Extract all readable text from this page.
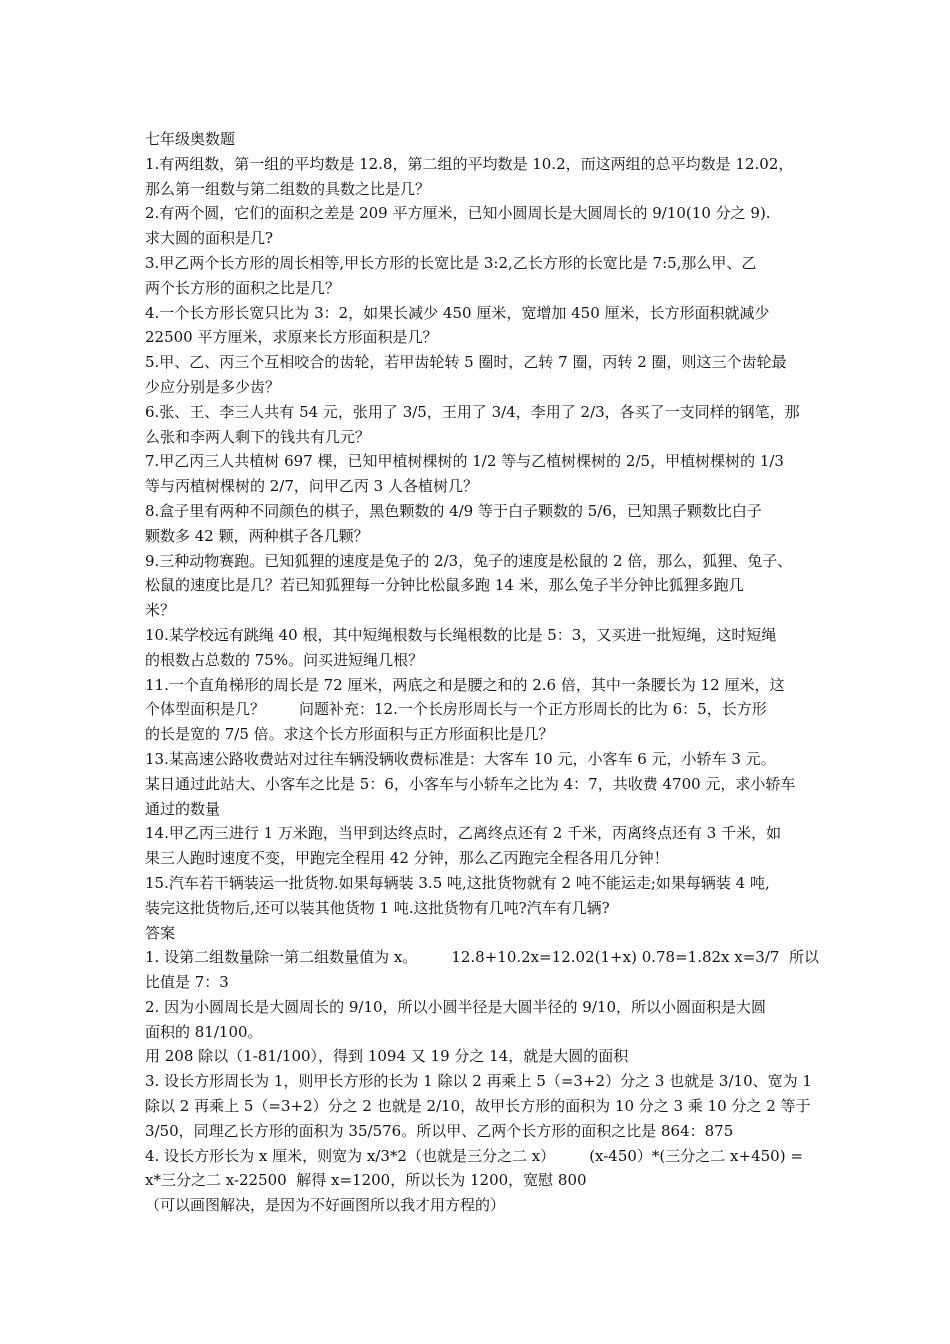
七年级奥数题
1.有两组数，第一组的平均数是 12.8，第二组的平均数是 10.2，而这两组的总平均数是 12.02，
那么第一组数与第二组数的具数之比是几？
2.有两个圆，它们的面积之差是 209 平方厘米，已知小圆周长是大圆周长的 9/10(10 分之 9).
求大圆的面积是几?
3.甲乙两个长方形的周长相等,甲长方形的长宽比是 3:2,乙长方形的长宽比是 7:5,那么甲、乙
两个长方形的面积之比是几？
4.一个长方形长宽只比为 3：2，如果长减少 450 厘米，宽增加 450 厘米，长方形面积就减少
22500 平方厘米，求原来长方形面积是几？
5.甲、乙、丙三个互相咬合的齿轮，若甲齿轮转 5 圈时，乙转 7 圈，丙转 2 圈，则这三个齿轮最
少应分别是多少齿？
6.张、王、李三人共有 54 元，张用了 3/5，王用了 3/4，李用了 2/3，各买了一支同样的钢笔，那
么张和李两人剩下的钱共有几元？
7.甲乙丙三人共植树 697 棵，已知甲植树棵树的 1/2 等与乙植树棵树的 2/5，甲植树棵树的 1/3
等与丙植树棵树的 2/7，问甲乙丙 3 人各植树几？
8.盒子里有两种不同颜色的棋子，黑色颗数的 4/9 等于白子颗数的 5/6，已知黑子颗数比白子
颗数多 42 颗，两种棋子各几颗？
9.三种动物赛跑。已知狐狸的速度是兔子的 2/3，兔子的速度是松鼠的 2 倍，那么，狐狸、兔子、
松鼠的速度比是几？若已知狐狸每一分钟比松鼠多跑 14 米，那么兔子半分钟比狐狸多跑几
米？
10.某学校远有跳绳 40 根，其中短绳根数与长绳根数的比是 5：3，又买进一批短绳，这时短绳
的根数占总数的 75%。问买进短绳几根？
11.一个直角梯形的周长是 72 厘米，两底之和是腰之和的 2.6 倍，其中一条腰长为 12 厘米，这
个体型面积是几？ 问题补充：12.一个长房形周长与一个正方形周长的比为 6：5，长方形
的长是宽的 7/5 倍。求这个长方形面积与正方形面积比是几？
13.某高速公路收费站对过往车辆没辆收费标准是：大客车 10 元，小客车 6 元，小轿车 3 元。
某日通过此站大、小客车之比是 5：6，小客车与小轿车之比为 4：7，共收费 4700 元，求小轿车
通过的数量
14.甲乙丙三进行 1 万米跑，当甲到达终点时，乙离终点还有 2 千米，丙离终点还有 3 千米，如
果三人跑时速度不变，甲跑完全程用 42 分钟，那么乙丙跑完全程各用几分钟！
15.汽车若干辆装运一批货物.如果每辆装 3.5 吨,这批货物就有 2 吨不能运走;如果每辆装 4 吨,
装完这批货物后,还可以装其他货物 1 吨.这批货物有几吨?汽车有几辆?
答案
1. 设第二组数量除一第二组数量值为 x。 12.8+10.2x=12.02(1+x) 0.78=1.82x x=3/7  所以
比值是 7：3
2. 因为小圆周长是大圆周长的 9/10，所以小圆半径是大圆半径的 9/10，所以小圆面积是大圆
面积的 81/100。
用 208 除以（1-81/100），得到 1094 又 19 分之 14，就是大圆的面积
3. 设长方形周长为 1，则甲长方形的长为 1 除以 2 再乘上 5（=3+2）分之 3 也就是 3/10、宽为 1
除以 2 再乘上 5（=3+2）分之 2 也就是 2/10，故甲长方形的面积为 10 分之 3 乘 10 分之 2 等于
3/50，同理乙长方形的面积为 35/576。所以甲、乙两个长方形的面积之比是 864：875
4. 设长方形长为 x 厘米，则宽为 x/3*2（也就是三分之二 x） (x-450）*(三分之二 x+450) =
x*三分之二 x-22500  解得 x=1200，所以长为 1200，宽慰 800
（可以画图解决，是因为不好画图所以我才用方程的）
